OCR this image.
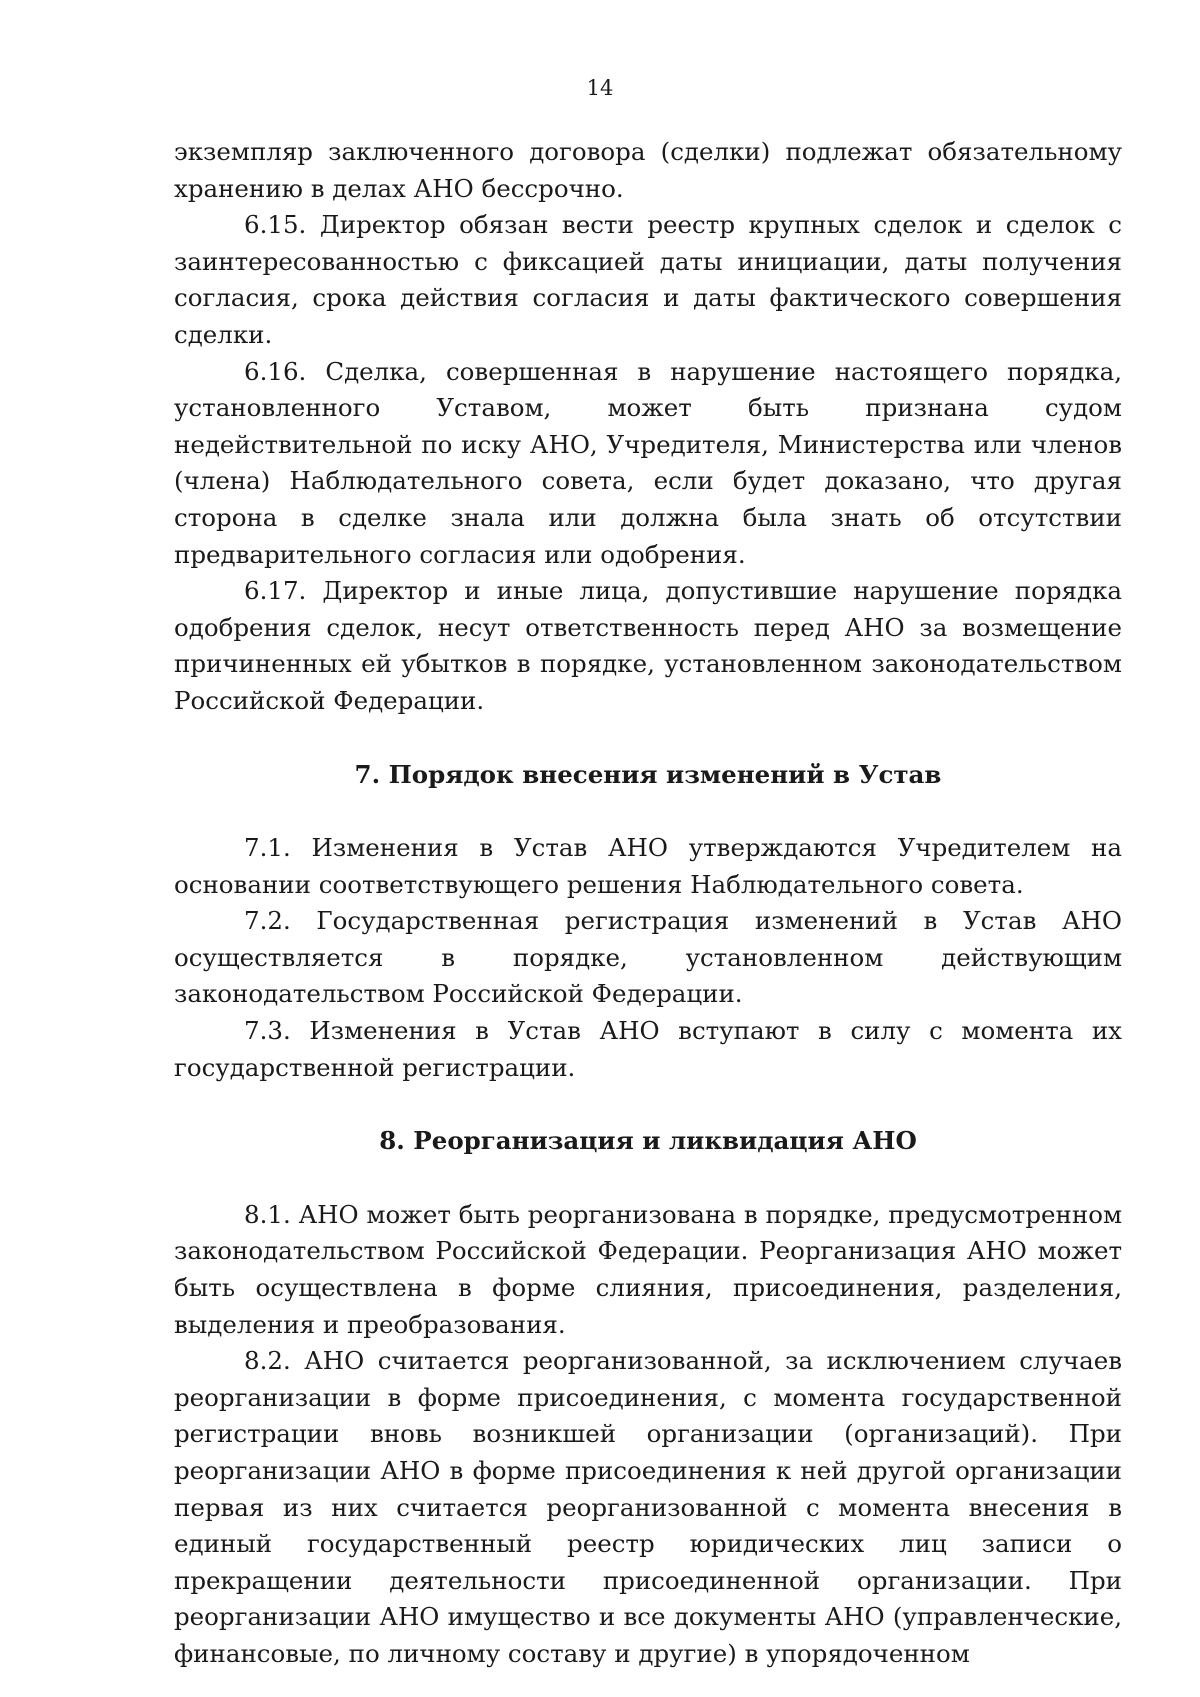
14

экземпляр заключенного договора (сделки) подлежат обязательному хранению в делах АНО бессрочно.

6.15. Директор обязан вести реестр крупных сделок и сделок с заинтересованностью с фиксацией даты инициации, даты получения согласия, срока действия согласия и даты фактического совершения сделки.

6.16. Сделка, совершенная в нарушение настоящего порядка, установленного Уставом, может быть признана судом недействительной по иску АНО, Учредителя, Министерства или членов (члена) Наблюдательного совета, если будет доказано, что другая сторона в сделке знала или должна была знать об отсутствии предварительного согласия или одобрения.

6.17. Директор и иные лица, допустившие нарушение порядка одобрения сделок, несут ответственность перед АНО за возмещение причиненных ей убытков в порядке, установленном законодательством Российской Федерации.

7. Порядок внесения изменений в Устав

7.1. Изменения в Устав АНО утверждаются Учредителем на основании соответствующего решения Наблюдательного совета.

7.2. Государственная регистрация изменений в Устав АНО осуществляется в порядке, установленном действующим законодательством Российской Федерации.

7.3. Изменения в Устав АНО вступают в силу с момента их государственной регистрации.

8. Реорганизация и ликвидация АНО

8.1. АНО может быть реорганизована в порядке, предусмотренном законодательством Российской Федерации. Реорганизация АНО может быть осуществлена в форме слияния, присоединения, разделения, выделения и преобразования.

8.2. АНО считается реорганизованной, за исключением случаев реорганизации в форме присоединения, с момента государственной регистрации вновь возникшей организации (организаций). При реорганизации АНО в форме присоединения к ней другой организации первая из них считается реорганизованной с момента внесения в единый государственный реестр юридических лиц записи о прекращении деятельности присоединенной организации. При реорганизации АНО имущество и все документы АНО (управленческие, финансовые, по личному составу и другие) в упорядоченном
